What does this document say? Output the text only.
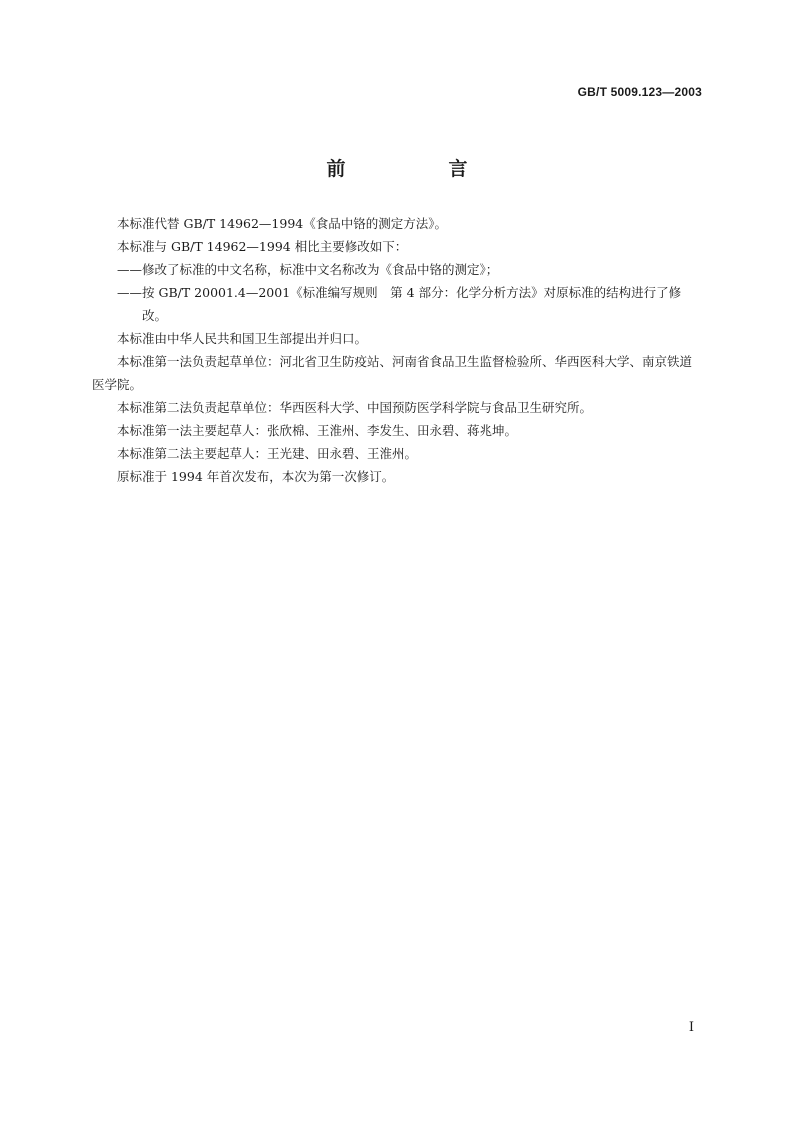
GB/T 5009.123—2003
前　言

本标准代替 GB/T 14962—1994《食品中铬的测定方法》。

本标准与 GB/T 14962—1994 相比主要修改如下：

——修改了标准的中文名称，标准中文名称改为《食品中铬的测定》；

——按 GB/T 20001.4—2001《标准编写规则　第 4 部分：化学分析方法》对原标准的结构进行了修改。

本标准由中华人民共和国卫生部提出并归口。

本标准第一法负责起草单位：河北省卫生防疫站、河南省食品卫生监督检验所、华西医科大学、南京铁道医学院。

本标准第二法负责起草单位：华西医科大学、中国预防医学科学院与食品卫生研究所。

本标准第一法主要起草人：张欣棉、王淮州、李发生、田永碧、蒋兆坤。

本标准第二法主要起草人：王光建、田永碧、王淮州。

原标准于 1994 年首次发布，本次为第一次修订。

I
